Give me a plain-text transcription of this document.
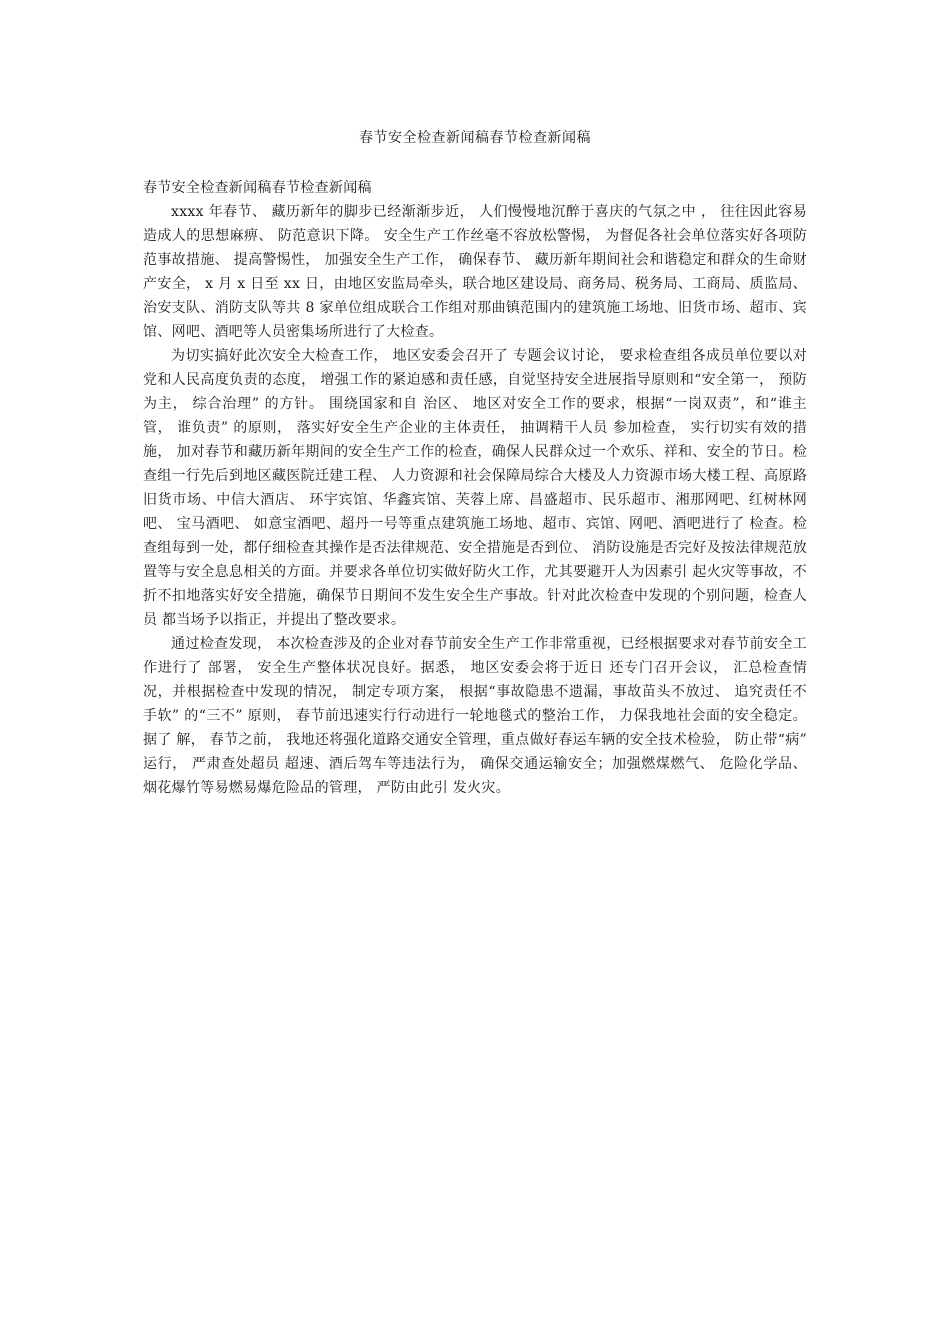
春节安全检查新闻稿春节检查新闻稿

春节安全检查新闻稿春节检查新闻稿

xxxx 年春节、 藏历新年的脚步已经渐渐步近， 人们慢慢地沉醉于喜庆的气氛之中 ， 往往因此容易造成人的思想麻痹、 防范意识下降。 安全生产工作丝毫不容放松警惕， 为督促各社会单位落实好各项防范事故措施、 提高警惕性， 加强安全生产工作， 确保春节、 藏历新年期间社会和谐稳定和群众的生命财产安全， x 月 x 日至 xx 日，由地区安监局牵头，联合地区建设局、商务局、税务局、工商局、质监局、治安支队、消防支队等共 8 家单位组成联合工作组对那曲镇范围内的建筑施工场地、旧货市场、超市、宾馆、网吧、酒吧等人员密集场所进行了大检查。

为切实搞好此次安全大检查工作， 地区安委会召开了 专题会议讨论， 要求检查组各成员单位要以对党和人民高度负责的态度， 增强工作的紧迫感和责任感，自觉坚持安全进展指导原则和“安全第一， 预防为主， 综合治理” 的方针。 围绕国家和自 治区、 地区对安全工作的要求，根据“一岗双责”，和“谁主管， 谁负责” 的原则， 落实好安全生产企业的主体责任， 抽调精干人员 参加检查， 实行切实有效的措施， 加对春节和藏历新年期间的安全生产工作的检查，确保人民群众过一个欢乐、祥和、安全的节日。检查组一行先后到地区藏医院迁建工程、 人力资源和社会保障局综合大楼及人力资源市场大楼工程、高原路旧货市场、中信大酒店、 环宇宾馆、华鑫宾馆、芙蓉上席、昌盛超市、民乐超市、湘那网吧、红树林网吧、 宝马酒吧、 如意宝酒吧、超丹一号等重点建筑施工场地、超市、宾馆、网吧、酒吧进行了 检查。检查组每到一处，都仔细检查其操作是否法律规范、安全措施是否到位、 消防设施是否完好及按法律规范放置等与安全息息相关的方面。并要求各单位切实做好防火工作，尤其要避开人为因素引 起火灾等事故，不折不扣地落实好安全措施，确保节日期间不发生安全生产事故。针对此次检查中发现的个别问题，检查人员 都当场予以指正，并提出了整改要求。

通过检查发现， 本次检查涉及的企业对春节前安全生产工作非常重视，已经根据要求对春节前安全工作进行了 部署， 安全生产整体状况良好。据悉， 地区安委会将于近日 还专门召开会议， 汇总检查情况，并根据检查中发现的情况， 制定专项方案， 根据“事故隐患不遗漏，事故苗头不放过、 追究责任不手软” 的“三不” 原则， 春节前迅速实行行动进行一轮地毯式的整治工作， 力保我地社会面的安全稳定。据了 解， 春节之前， 我地还将强化道路交通安全管理，重点做好春运车辆的安全技术检验， 防止带“病” 运行， 严肃查处超员 超速、酒后驾车等违法行为， 确保交通运输安全；加强燃煤燃气、 危险化学品、 烟花爆竹等易燃易爆危险品的管理， 严防由此引 发火灾。
